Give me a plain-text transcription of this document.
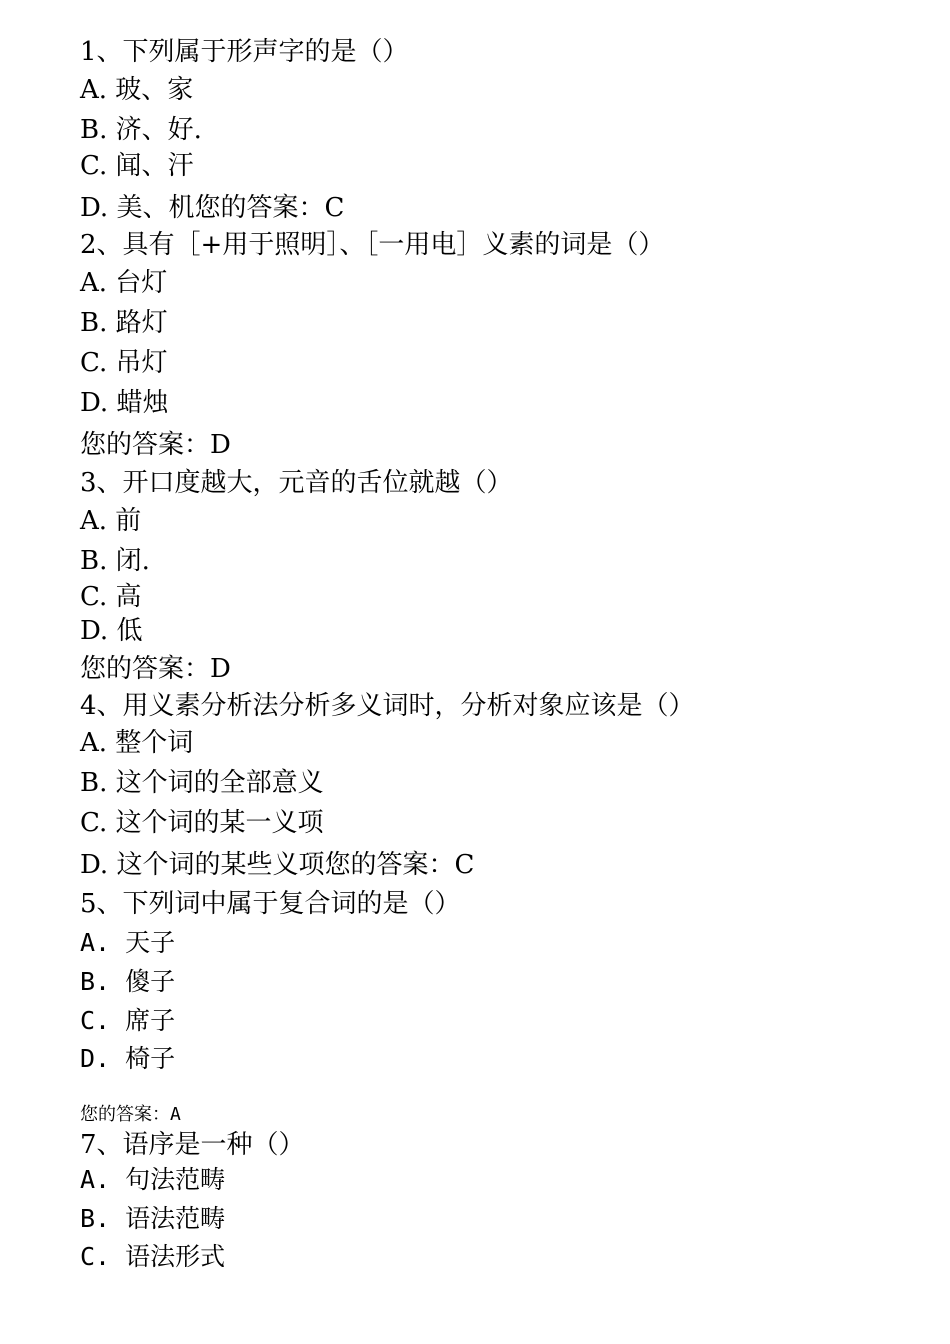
1、下列属于形声字的是（）
A. 玻、家
B. 济、好.
C. 闻、汗
D. 美、机您的答案：C
2、具有［+用于照明］、［一用电］义素的词是（）
A. 台灯
B. 路灯
C. 吊灯
D. 蜡烛
您的答案：D
3、开口度越大，元音的舌位就越（）
A. 前
B. 闭.
C. 高
D. 低
您的答案：D
4、用义素分析法分析多义词时，分析对象应该是（）
A. 整个词
B. 这个词的全部意义
C. 这个词的某一义项
D. 这个词的某些义项您的答案：C
5、下列词中属于复合词的是（）
A. 天子
B. 傻子
C. 席子
D. 椅子
您的答案：A
7、语序是一种（）
A. 句法范畴
B. 语法范畴
C. 语法形式
